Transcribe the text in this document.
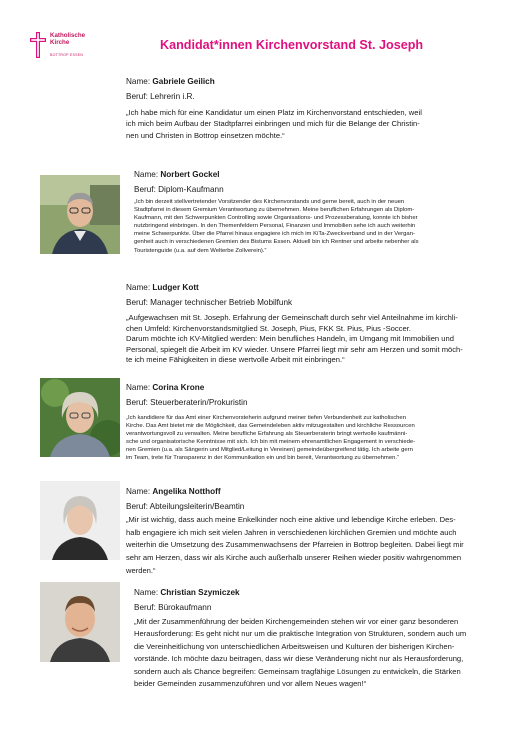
Katholische
Kirche
BOTTROP ESSEN
Kandidat*innen Kirchenvorstand St. Joseph
Name: Gabriele Geilich
Beruf: Lehrerin i.R.
„Ich habe mich für eine Kandidatur um einen Platz im Kirchenvorstand entschieden, weil
ich mich beim Aufbau der Stadtpfarrei einbringen und mich für die Belange der Christin-
nen und Christen in Bottrop einsetzen möchte.“
Name: Norbert Gockel
Beruf: Diplom-Kaufmann
„Ich bin derzeit stellvertretender Vorsitzender des Kirchenvorstands und gerne bereit, auch in der neuen
Stadtpfarrei in diesem Gremium Verantwortung zu übernehmen. Meine beruflichen Erfahrungen als Diplom-
Kaufmann, mit den Schwerpunkten Controlling sowie Organisations- und Prozessberatung, konnte ich bisher
nutzbringend einbringen. In den Themenfeldern Personal, Finanzen und Immobilien sehe ich auch weiterhin
meine Schwerpunkte. Über die Pfarrei hinaus engagiere ich mich im KiTa-Zweckverband und in der Vergan-
genheit auch in verschiedenen Gremien des Bistums Essen. Aktuell bin ich Rentner und arbeite nebenher als
Touristenguide (u.a. auf dem Welterbe Zollverein).“
Name: Ludger Kott
Beruf: Manager technischer Betrieb Mobilfunk
„Aufgewachsen mit St. Joseph. Erfahrung der Gemeinschaft durch sehr viel Anteilnahme im kirchli-
chen Umfeld: Kirchenvorstandsmitglied St. Joseph, Pius, FKK St. Pius, Pius -Soccer.
Darum möchte ich KV-Mitglied werden: Mein berufliches Handeln, im Umgang mit Immobilien und
Personal, spiegelt die Arbeit im KV wieder. Unsere Pfarrei liegt mir sehr am Herzen und somit möch-
te ich meine Fähigkeiten in diese wertvolle Arbeit mit einbringen.“
Name: Corina Krone
Beruf: Steuerberaterin/Prokuristin
„Ich kandidiere für das Amt einer Kirchenvorsteherin aufgrund meiner tiefen Verbundenheit zur katholischen
Kirche. Das Amt bietet mir die Möglichkeit, das Gemeindeleben aktiv mitzugestalten und kirchliche Ressourcen
verantwortungsvoll zu verwalten. Meine berufliche Erfahrung als Steuerberaterin bringt wertvolle kaufmänni-
sche und organisatorische Kenntnisse mit sich. Ich bin mit meinem ehrenamtlichen Engagement in verschiede-
nen Gremien (u.a. als Sängerin und Mitglied/Leitung in Vereinen) gemeindeübergreifend tätig. Ich arbeite gern
im Team, trete für Transparenz in der Kommunikation ein und bin bereit, Verantwortung zu übernehmen.“
Name: Angelika Notthoff
Beruf: Abteilungsleiterin/Beamtin
„Mir ist wichtig, dass auch meine Enkelkinder noch eine aktive und lebendige Kirche erleben. Des-
halb engagiere ich mich seit vielen Jahren in verschiedenen kirchlichen Gremien und möchte auch
weiterhin die Umsetzung des Zusammenwachsens der Pfarreien in Bottrop begleiten. Dabei liegt mir
sehr am Herzen, dass wir als Kirche auch außerhalb unserer Reihen wieder positiv wahrgenommen
werden.“
Name: Christian Szymiczek
Beruf: Bürokaufmann
„Mit der Zusammenführung der beiden Kirchengemeinden stehen wir vor einer ganz besonderen
Herausforderung: Es geht nicht nur um die praktische Integration von Strukturen, sondern auch um
die Vereinheitlichung von unterschiedlichen Arbeitsweisen und Kulturen der bisherigen Kirchen-
vorstände. Ich möchte dazu beitragen, dass wir diese Veränderung nicht nur als Herausforderung,
sondern auch als Chance begreifen: Gemeinsam tragfähige Lösungen zu entwickeln, die Stärken
beider Gemeinden zusammenzuführen und vor allem Neues wagen!“
